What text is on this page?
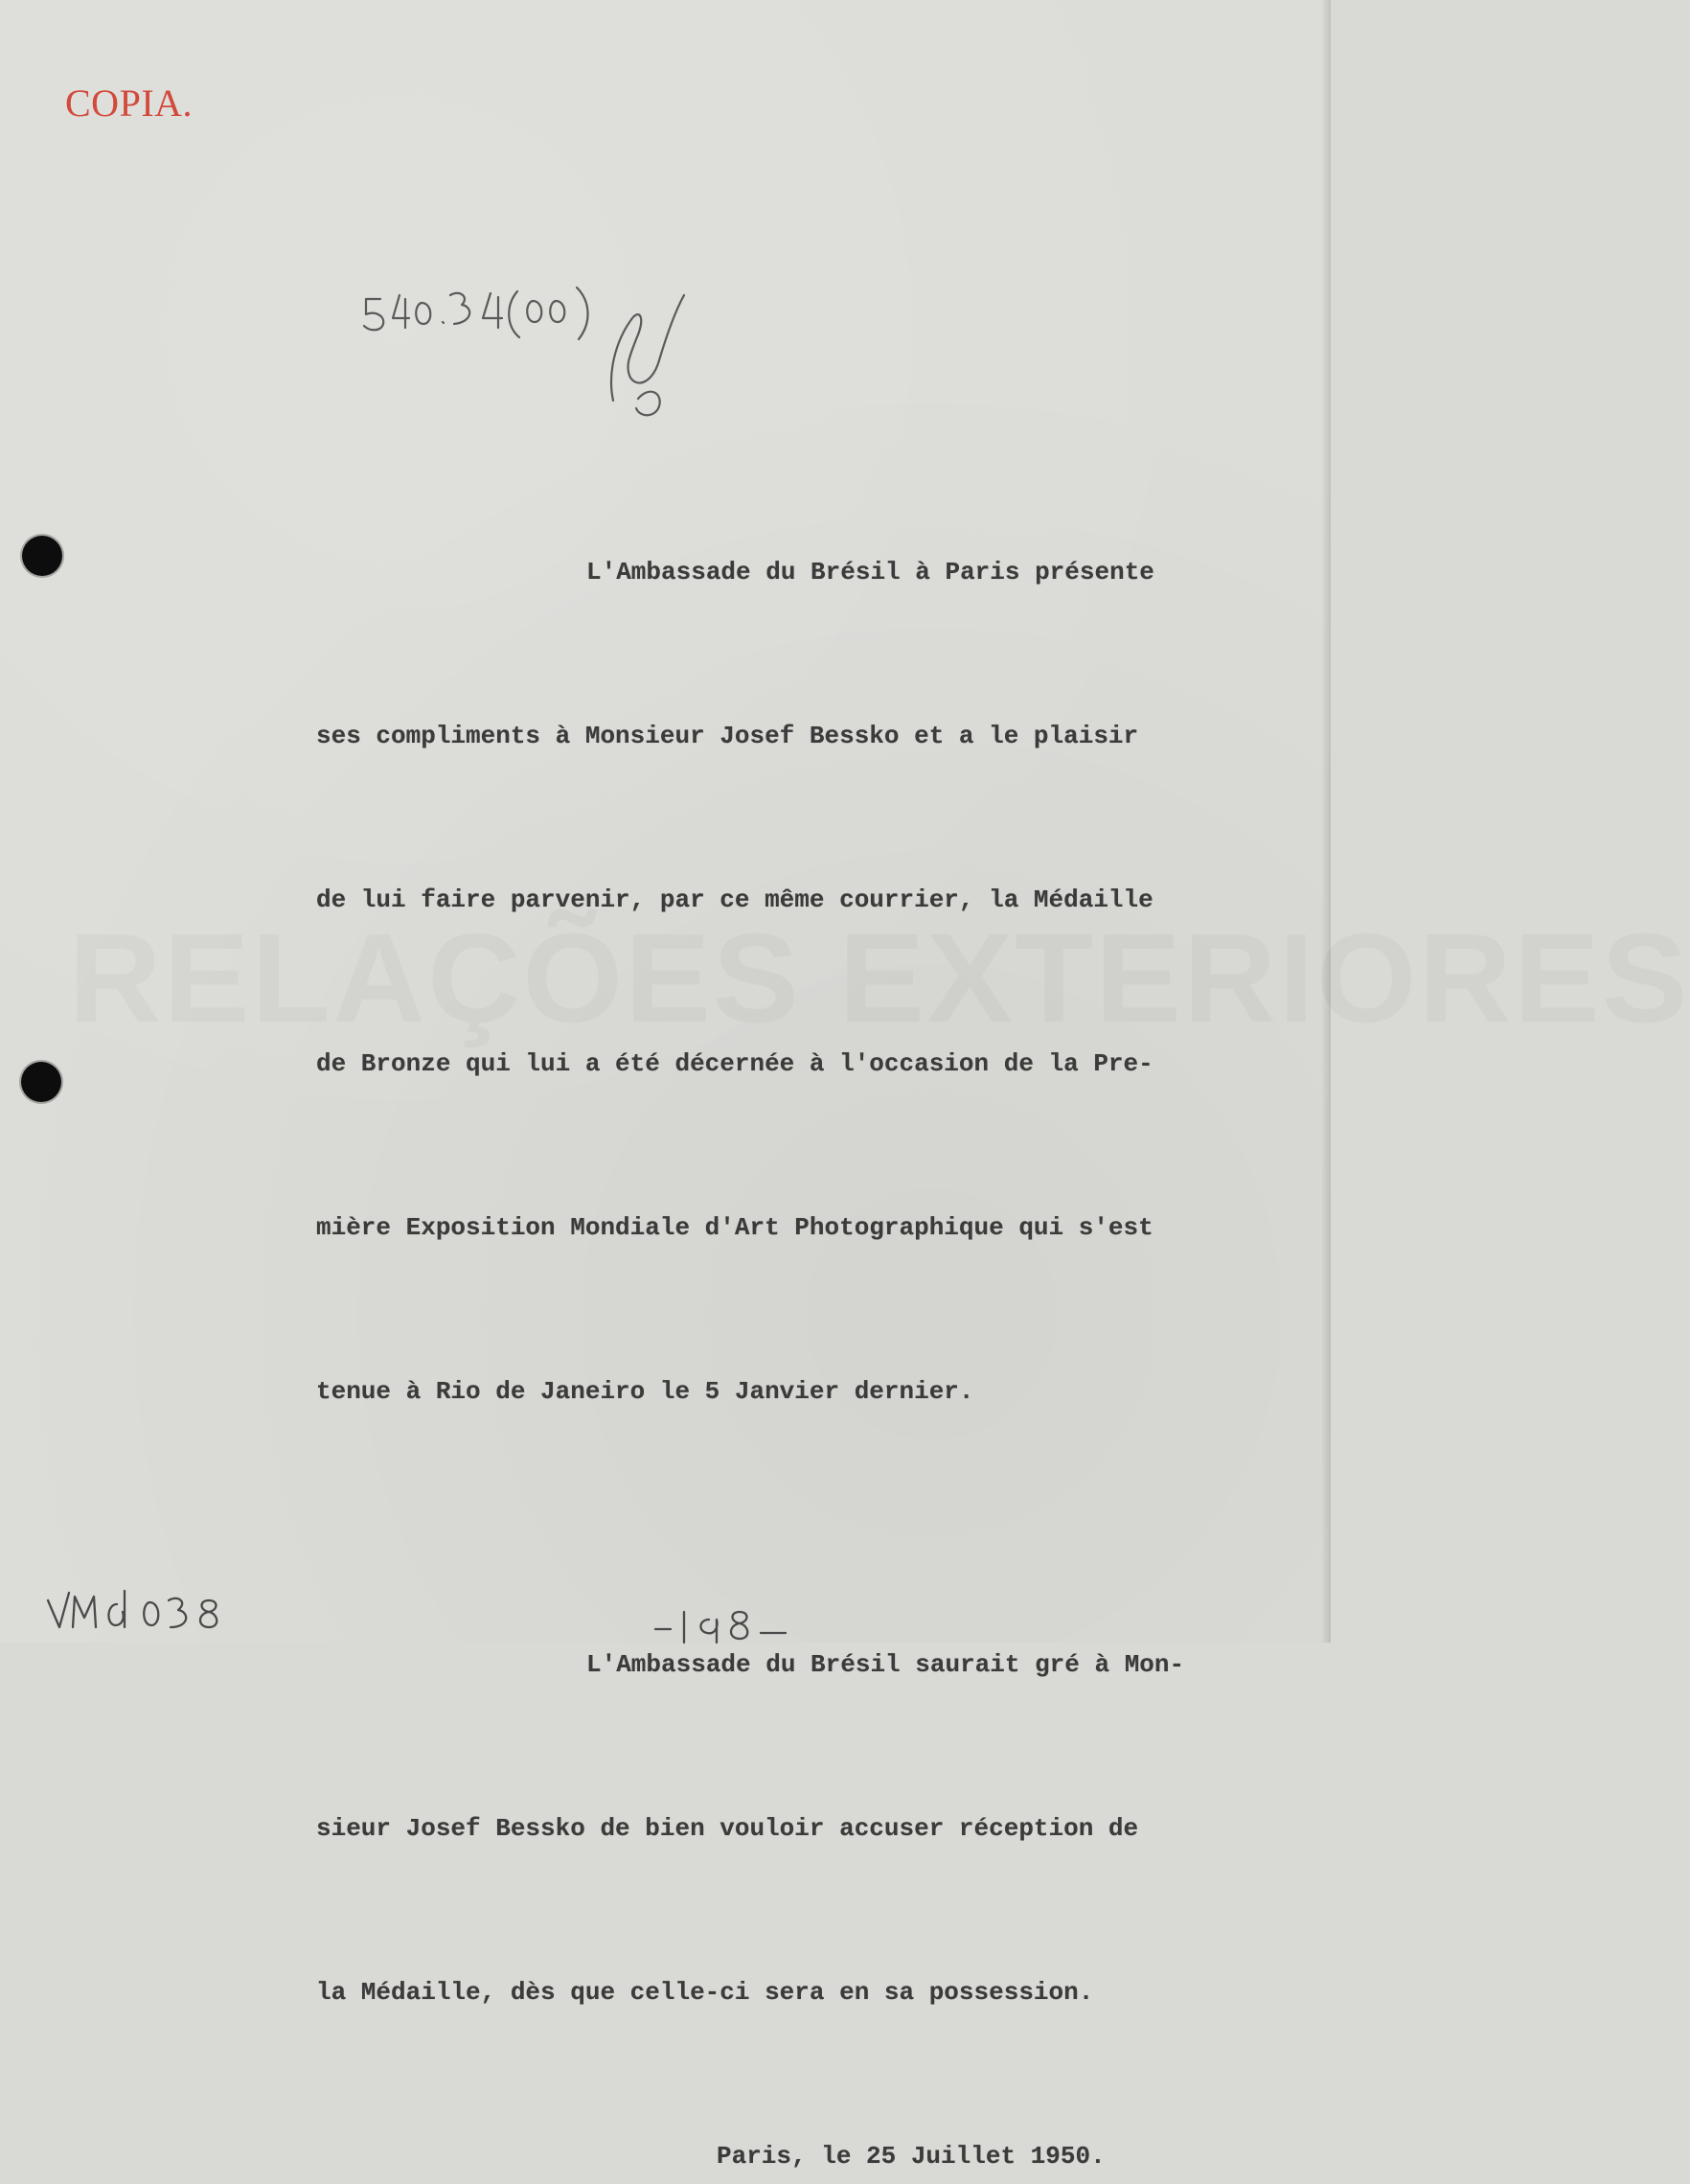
COPIA.

L'Ambassade du Brésil à Paris présente

ses compliments à Monsieur Josef Bessko et a le plaisir

de lui faire parvenir, par ce même courrier, la Médaille

de Bronze qui lui a été décernée à l'occasion de la Pre-

mière Exposition Mondiale d'Art Photographique qui s'est

tenue à Rio de Janeiro le 5 Janvier dernier.

L'Ambassade du Brésil saurait gré à Mon-

sieur Josef Bessko de bien vouloir accuser réception de

la Médaille, dès que celle-ci sera en sa possession.

Paris, le 25 Juillet 1950.
